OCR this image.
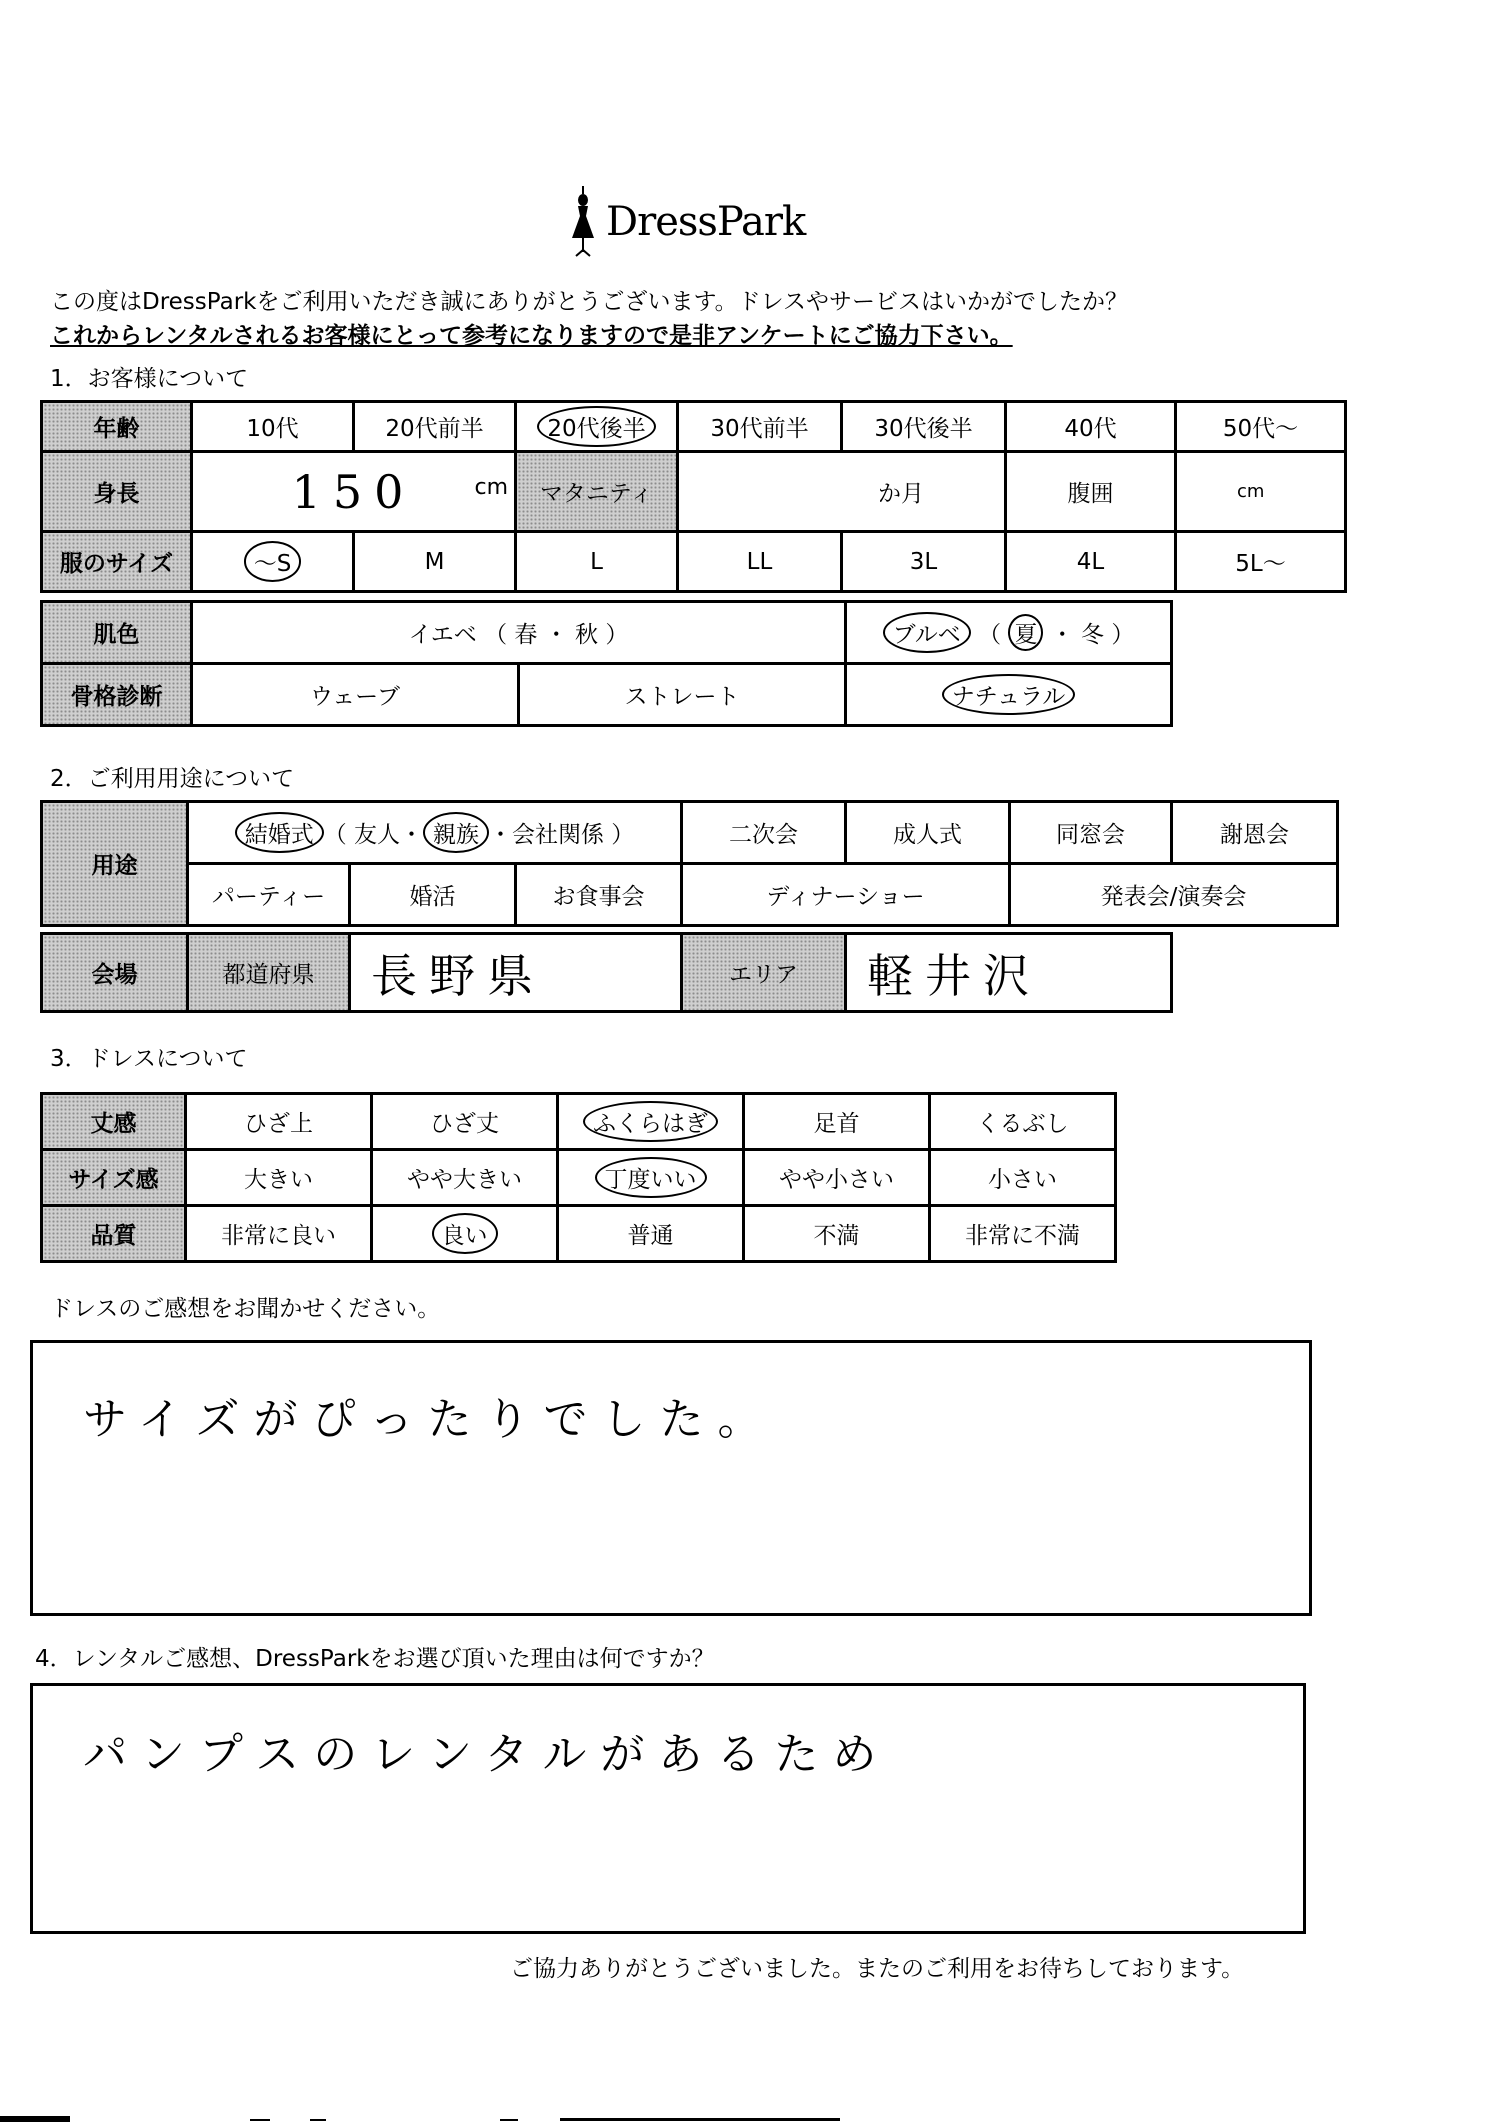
DressPark
この度はDressParkをご利用いただき誠にありがとうございます。ドレスやサービスはいかがでしたか？
これからレンタルされるお客様にとって参考になりますので是非アンケートにご協力下さい。
1．お客様について
年齢	10代	20代前半	20代後半	30代前半	30代後半	40代	50代～
身長	150 cm		マタニティ	か月		腹囲	cm
服のサイズ	～S	M	L	LL	3L	4L	5L～
肌色	イエベ （ 春 ・ 秋 ）		ブルベ （ 夏 ・ 冬 ）
骨格診断	ウェーブ	ストレート	ナチュラル
2．ご利用用途について
用途	結婚式 （ 友人・ 親族 ・会社関係 ）			二次会	成人式	同窓会	謝恩会
	パーティー	婚活	お食事会	ディナーショー		発表会/演奏会	
会場	都道府県	長野県	エリア	軽井沢
3．ドレスについて
丈感	ひざ上	ひざ丈	ふくらはぎ	足首	くるぶし
サイズ感	大きい	やや大きい	丁度いい	やや小さい	小さい
品質	非常に良い	良い	普通	不満	非常に不満
ドレスのご感想をお聞かせください。
サイズがぴったりでした。
4．レンタルご感想、DressParkをお選び頂いた理由は何ですか？
パンプスのレンタルがあるため
ご協力ありがとうございました。またのご利用をお待ちしております。
